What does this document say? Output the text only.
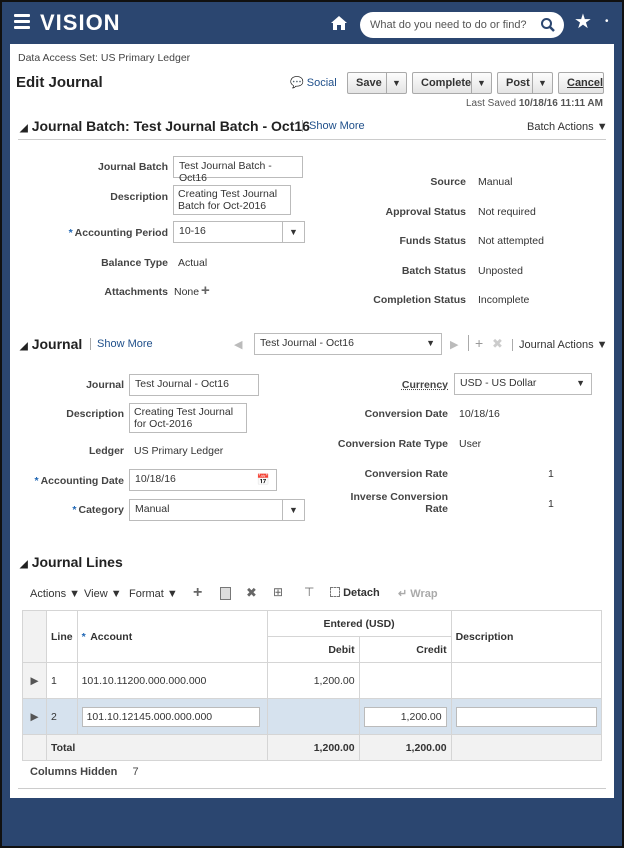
VISION	What do you need to do or find?	★ •
Data Access Set: US Primary Ledger
Edit Journal	💬 Social	Save	▼	Complete ▼	Post ▼	Cancel
Last Saved 10/18/16 11:11 AM
◢ Journal Batch: Test Journal Batch - Oct16 Show More	Batch Actions ▼
Journal Batch	Test Journal Batch - Oct16
Description Creating Test Journal Batch for Oct-2016
* Accounting Period	10-16	▼
Balance Type Actual
Attachments None +
Source Manual
Approval Status Not required
Funds Status Not attempted
Batch Status Unposted
Completion Status Incomplete
◢ Journal	Show More	◀	Test Journal - Oct16	▼ ▶	+ ✖	Journal Actions ▼
Journal	Test Journal - Oct16
Description Creating Test Journal for Oct-2016
Ledger US Primary Ledger
* Accounting Date	10/18/16	📅
* Category	Manual	▼
Currency	USD - US Dollar	▼
Conversion Date 10/18/16
Conversion Rate Type User
Conversion Rate	1
Inverse Conversion Rate	1
◢ Journal Lines
Actions ▼ View ▼ Format ▼ +	✖ ⊞ ⊤	Detach ↵ Wrap
	Line	* Account	Entered (USD)		Description
			Debit	Credit	
▶	1	101.10.11200.000.000.000	1,200.00		
▶	2	101.10.12145.000.000.000		1,200.00	

	Total		1,200.00	1,200.00	
Columns Hidden 7
